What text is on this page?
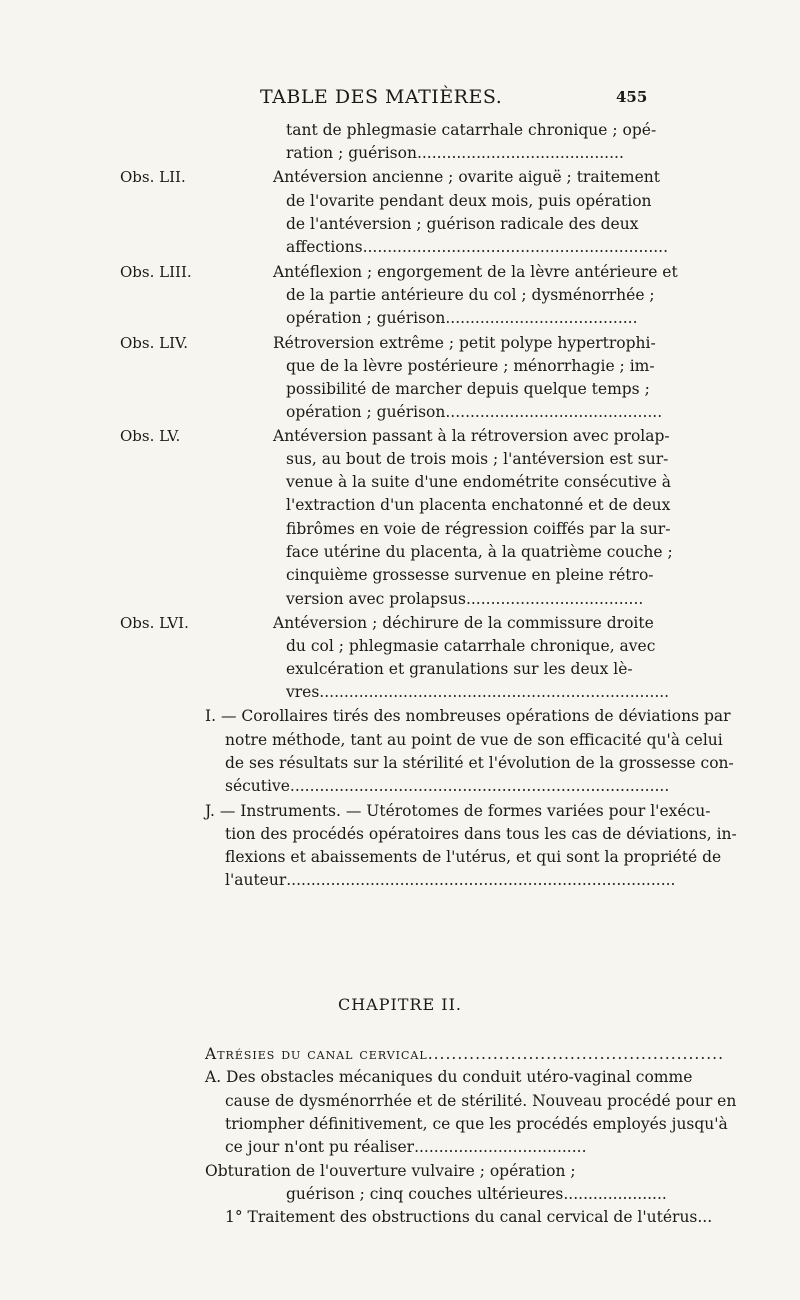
TABLE DES MATIÈRES.	455
tant de phlegmasie catarrhale chronique ; opé-
ration ; guérison..........................................
Obs. LII.	Antéversion ancienne ; ovarite aiguë ; traitement
de l'ovarite pendant deux mois, puis opération
de l'antéversion ; guérison radicale des deux
affections..............................................................
Obs. LIII.	Antéflexion ; engorgement de la lèvre antérieure et
de la partie antérieure du col ; dysménorrhée ;
opération ; guérison.......................................
Obs. LIV.	Rétroversion extrême ; petit polype hypertrophi-
que de la lèvre postérieure ; ménorrhagie ; im-
possibilité de marcher depuis quelque temps ;
opération ; guérison............................................
Obs. LV.	Antéversion passant à la rétroversion avec prolap-
sus, au bout de trois mois ; l'antéversion est sur-
venue à la suite d'une endométrite consécutive à
l'extraction d'un placenta enchatonné et de deux
fibrômes en voie de régression coiffés par la sur-
face utérine du placenta, à la quatrième couche ;
cinquième grossesse survenue en pleine rétro-
version avec prolapsus....................................
Obs. LVI.	Antéversion ; déchirure de la commissure droite
du col ; phlegmasie catarrhale chronique, avec
exulcération et granulations sur les deux lè-
vres.......................................................................
I. — Corollaires tirés des nombreuses opérations de déviations par
notre méthode, tant au point de vue de son efficacité qu'à celui
de ses résultats sur la stérilité et l'évolution de la grossesse con-
sécutive.............................................................................
J. — Instruments. — Utérotomes de formes variées pour l'exécu-
tion des procédés opératoires dans tous les cas de déviations, in-
flexions et abaissements de l'utérus, et qui sont la propriété de
l'auteur...............................................................................
CHAPITRE II.
Atrésies du canal cervical..................................................
A. Des obstacles mécaniques du conduit utéro-vaginal comme
cause de dysménorrhée et de stérilité. Nouveau procédé pour en
triompher définitivement, ce que les procédés employés jusqu'à
ce jour n'ont pu réaliser...................................
Obturation de l'ouverture vulvaire ; opération ;
guérison ; cinq couches ultérieures.....................
1° Traitement des obstructions du canal cervical de l'utérus...
